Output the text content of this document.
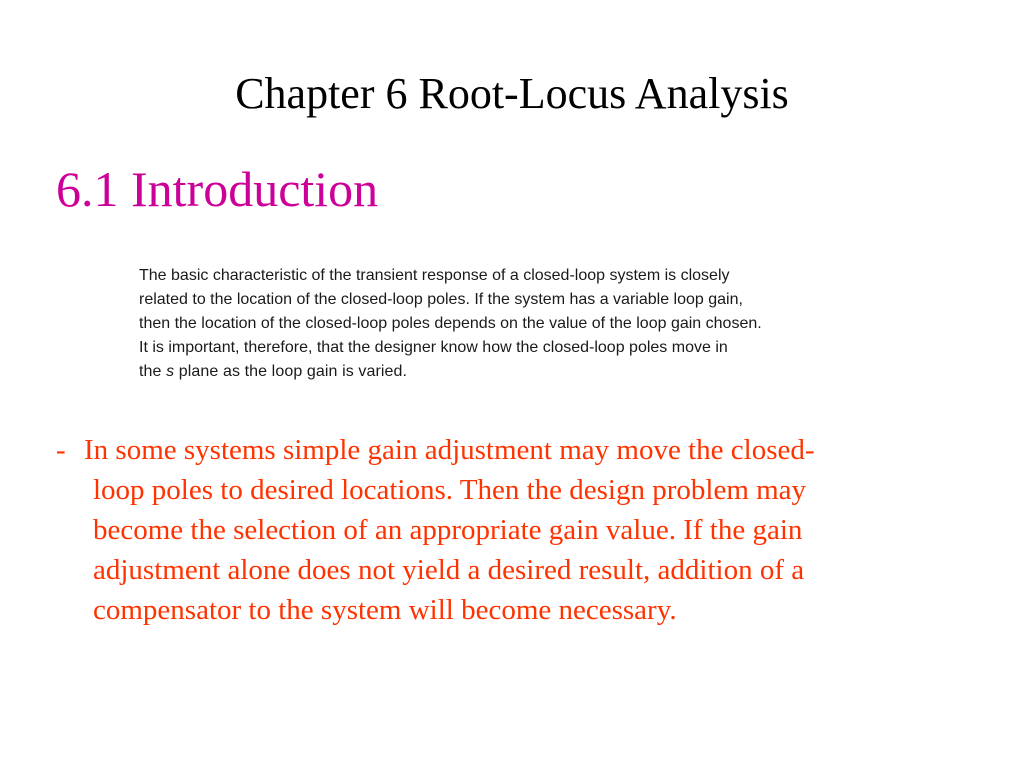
Chapter 6 Root-Locus Analysis
6.1 Introduction
The basic characteristic of the transient response of a closed-loop system is closely
related to the location of the closed-loop poles. If the system has a variable loop gain,
then the location of the closed-loop poles depends on the value of the loop gain chosen.
It is important, therefore, that the designer know how the closed-loop poles move in
the s plane as the loop gain is varied.
- In some systems simple gain adjustment may move the closed-
loop poles to desired locations. Then the design problem may
become the selection of an appropriate gain value. If the gain
adjustment alone does not yield a desired result, addition of a
compensator to the system will become necessary.
